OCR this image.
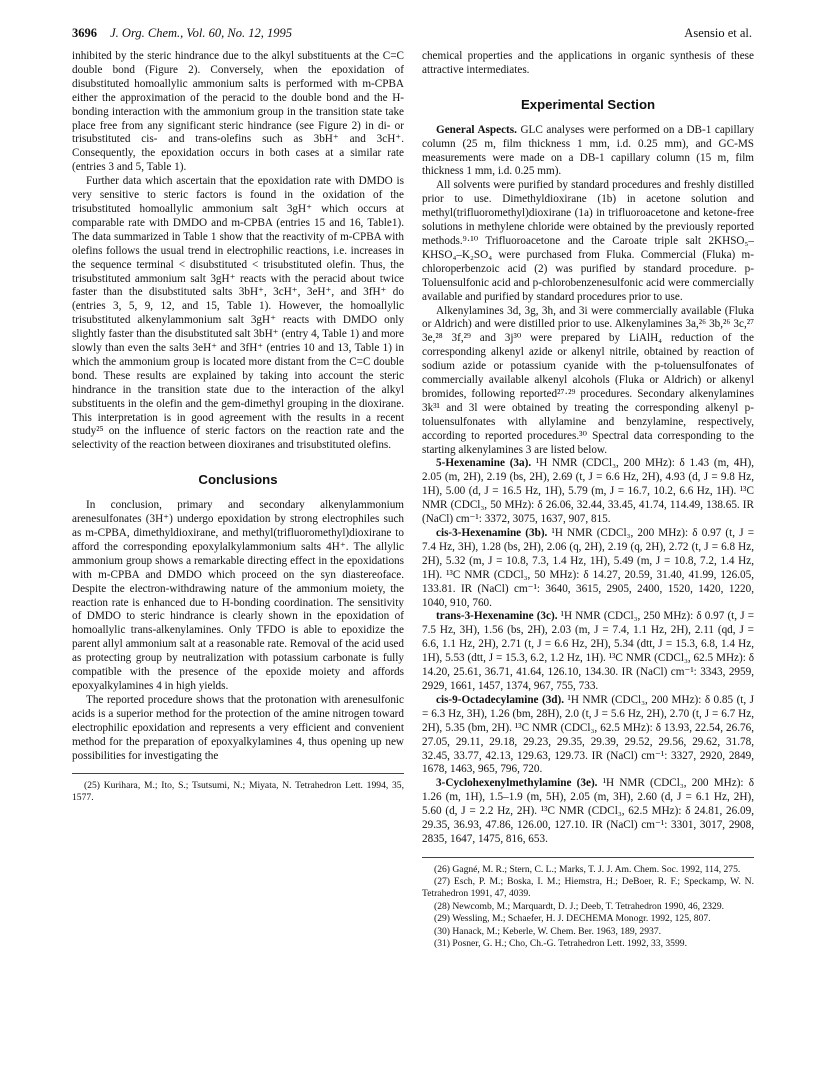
3696 J. Org. Chem., Vol. 60, No. 12, 1995	Asensio et al.

inhibited by the steric hindrance due to the alkyl substituents at the C=C double bond (Figure 2). Conversely, when the epoxidation of disubstituted homoallylic ammonium salts is performed with m-CPBA either the approximation of the peracid to the double bond and the H-bonding interaction with the ammonium group in the transition state take place free from any significant steric hindrance (see Figure 2) in di- or trisubstituted cis- and trans-olefins such as 3bH⁺ and 3cH⁺. Consequently, the epoxidation occurs in both cases at a similar rate (entries 3 and 5, Table 1).

Further data which ascertain that the epoxidation rate with DMDO is very sensitive to steric factors is found in the oxidation of the trisubstituted homoallylic ammonium salt 3gH⁺ which occurs at comparable rate with DMDO and m-CPBA (entries 15 and 16, Table1). The data summarized in Table 1 show that the reactivity of m-CPBA with olefins follows the usual trend in electrophilic reactions, i.e. increases in the sequence terminal < disubstituted < trisubstituted olefin. Thus, the trisubstituted ammonium salt 3gH⁺ reacts with the peracid about twice faster than the disubstituted salts 3bH⁺, 3cH⁺, 3eH⁺, and 3fH⁺ do (entries 3, 5, 9, 12, and 15, Table 1). However, the homoallylic trisubstituted alkenylammonium salt 3gH⁺ reacts with DMDO only slightly faster than the disubstituted salt 3bH⁺ (entry 4, Table 1) and more slowly than even the salts 3eH⁺ and 3fH⁺ (entries 10 and 13, Table 1) in which the ammonium group is located more distant from the C=C double bond. These results are explained by taking into account the steric hindrance in the transition state due to the interaction of the alkyl substituents in the olefin and the gem-dimethyl grouping in the dioxirane. This interpretation is in good agreement with the results in a recent study²⁵ on the influence of steric factors on the reaction rate and the selectivity of the reaction between dioxiranes and trisubstituted olefins.

Conclusions

In conclusion, primary and secondary alkenylammonium arenesulfonates (3H⁺) undergo epoxidation by strong electrophiles such as m-CPBA, dimethyldioxirane, and methyl(trifluoromethyl)dioxirane to afford the corresponding epoxylalkylammonium salts 4H⁺. The allylic ammonium group shows a remarkable directing effect in the epoxidations with m-CPBA and DMDO which proceed on the syn diastereoface. Despite the electron-withdrawing nature of the ammonium moiety, the reaction rate is enhanced due to H-bonding coordination. The sensitivity of DMDO to steric hindrance is clearly shown in the epoxidation of homoallylic trans-alkenylamines. Only TFDO is able to epoxidize the parent allyl ammonium salt at a reasonable rate. Removal of the acid used as protecting group by neutralization with potassium carbonate is fully compatible with the presence of the epoxide moiety and affords epoxyalkylamines 4 in high yields.

The reported procedure shows that the protonation with arenesulfonic acids is a superior method for the protection of the amine nitrogen toward electrophilic epoxidation and represents a very efficient and convenient method for the preparation of epoxyalkylamines 4, thus opening up new possibilities for investigating the

(25) Kurihara, M.; Ito, S.; Tsutsumi, N.; Miyata, N. Tetrahedron Lett. 1994, 35, 1577.

chemical properties and the applications in organic synthesis of these attractive intermediates.

Experimental Section

General Aspects. GLC analyses were performed on a DB-1 capillary column (25 m, film thickness 1 mm, i.d. 0.25 mm), and GC-MS measurements were made on a DB-1 capillary column (15 m, film thickness 1 mm, i.d. 0.25 mm).

All solvents were purified by standard procedures and freshly distilled prior to use. Dimethyldioxirane (1b) in acetone solution and methyl(trifluoromethyl)dioxirane (1a) in trifluoroacetone and ketone-free solutions in methylene chloride were obtained by the previously reported methods.⁹·¹⁰ Trifluoroacetone and the Caroate triple salt 2KHSO₅–KHSO₄–K₂SO₄ were purchased from Fluka. Commercial (Fluka) m-chloroperbenzoic acid (2) was purified by standard procedure. p-Toluensulfonic acid and p-chlorobenzenesulfonic acid were commercially available and purified by standard procedures prior to use.

Alkenylamines 3d, 3g, 3h, and 3i were commercially available (Fluka or Aldrich) and were distilled prior to use. Alkenylamines 3a,²⁶ 3b,²⁶ 3c,²⁷ 3e,²⁸ 3f,²⁹ and 3j³⁰ were prepared by LiAlH₄ reduction of the corresponding alkenyl azide or alkenyl nitrile, obtained by reaction of sodium azide or potassium cyanide with the p-toluensulfonates of commercially available alkenyl alcohols (Fluka or Aldrich) or alkenyl bromides, following reported²⁷·²⁹ procedures. Secondary alkenylamines 3k³¹ and 3l were obtained by treating the corresponding alkenyl p-toluensulfonates with allylamine and benzylamine, respectively, according to reported procedures.³⁰ Spectral data corresponding to the starting alkenylamines 3 are listed below.

5-Hexenamine (3a). ¹H NMR (CDCl₃, 200 MHz): δ 1.43 (m, 4H), 2.05 (m, 2H), 2.19 (bs, 2H), 2.69 (t, J = 6.6 Hz, 2H), 4.93 (d, J = 9.8 Hz, 1H), 5.00 (d, J = 16.5 Hz, 1H), 5.79 (m, J = 16.7, 10.2, 6.6 Hz, 1H). ¹³C NMR (CDCl₃, 50 MHz): δ 26.06, 32.44, 33.45, 41.74, 114.49, 138.65. IR (NaCl) cm⁻¹: 3372, 3075, 1637, 907, 815.

cis-3-Hexenamine (3b). ¹H NMR (CDCl₃, 200 MHz): δ 0.97 (t, J = 7.4 Hz, 3H), 1.28 (bs, 2H), 2.06 (q, 2H), 2.19 (q, 2H), 2.72 (t, J = 6.8 Hz, 2H), 5.32 (m, J = 10.8, 7.3, 1.4 Hz, 1H), 5.49 (m, J = 10.8, 7.2, 1.4 Hz, 1H). ¹³C NMR (CDCl₃, 50 MHz): δ 14.27, 20.59, 31.40, 41.99, 126.05, 133.81. IR (NaCl) cm⁻¹: 3640, 3615, 2905, 2400, 1520, 1420, 1220, 1040, 910, 760.

trans-3-Hexenamine (3c). ¹H NMR (CDCl₃, 250 MHz): δ 0.97 (t, J = 7.5 Hz, 3H), 1.56 (bs, 2H), 2.03 (m, J = 7.4, 1.1 Hz, 2H), 2.11 (qd, J = 6.6, 1.1 Hz, 2H), 2.71 (t, J = 6.6 Hz, 2H), 5.34 (dtt, J = 15.3, 6.8, 1.4 Hz, 1H), 5.53 (dtt, J = 15.3, 6.2, 1.2 Hz, 1H). ¹³C NMR (CDCl₃, 62.5 MHz): δ 14.20, 25.61, 36.71, 41.64, 126.10, 134.30. IR (NaCl) cm⁻¹: 3343, 2959, 2929, 1661, 1457, 1374, 967, 755, 733.

cis-9-Octadecylamine (3d). ¹H NMR (CDCl₃, 200 MHz): δ 0.85 (t, J = 6.3 Hz, 3H), 1.26 (bm, 28H), 2.0 (t, J = 5.6 Hz, 2H), 2.70 (t, J = 6.7 Hz, 2H), 5.35 (bm, 2H). ¹³C NMR (CDCl₃, 62.5 MHz): δ 13.93, 22.54, 26.76, 27.05, 29.11, 29.18, 29.23, 29.35, 29.39, 29.52, 29.56, 29.62, 31.78, 32.45, 33.77, 42.13, 129.63, 129.73. IR (NaCl) cm⁻¹: 3327, 2920, 2849, 1678, 1463, 965, 796, 720.

3-Cyclohexenylmethylamine (3e). ¹H NMR (CDCl₃, 200 MHz): δ 1.26 (m, 1H), 1.5–1.9 (m, 5H), 2.05 (m, 3H), 2.60 (d, J = 6.1 Hz, 2H), 5.60 (d, J = 2.2 Hz, 2H). ¹³C NMR (CDCl₃, 62.5 MHz): δ 24.81, 26.09, 29.35, 36.93, 47.86, 126.00, 127.10. IR (NaCl) cm⁻¹: 3301, 3017, 2908, 2835, 1647, 1475, 816, 653.

(26) Gagné, M. R.; Stern, C. L.; Marks, T. J. J. Am. Chem. Soc. 1992, 114, 275.

(27) Esch, P. M.; Boska, I. M.; Hiemstra, H.; DeBoer, R. F.; Speckamp, W. N. Tetrahedron 1991, 47, 4039.

(28) Newcomb, M.; Marquardt, D. J.; Deeb, T. Tetrahedron 1990, 46, 2329.

(29) Wessling, M.; Schaefer, H. J. DECHEMA Monogr. 1992, 125, 807.

(30) Hanack, M.; Keberle, W. Chem. Ber. 1963, 189, 2937.

(31) Posner, G. H.; Cho, Ch.-G. Tetrahedron Lett. 1992, 33, 3599.
